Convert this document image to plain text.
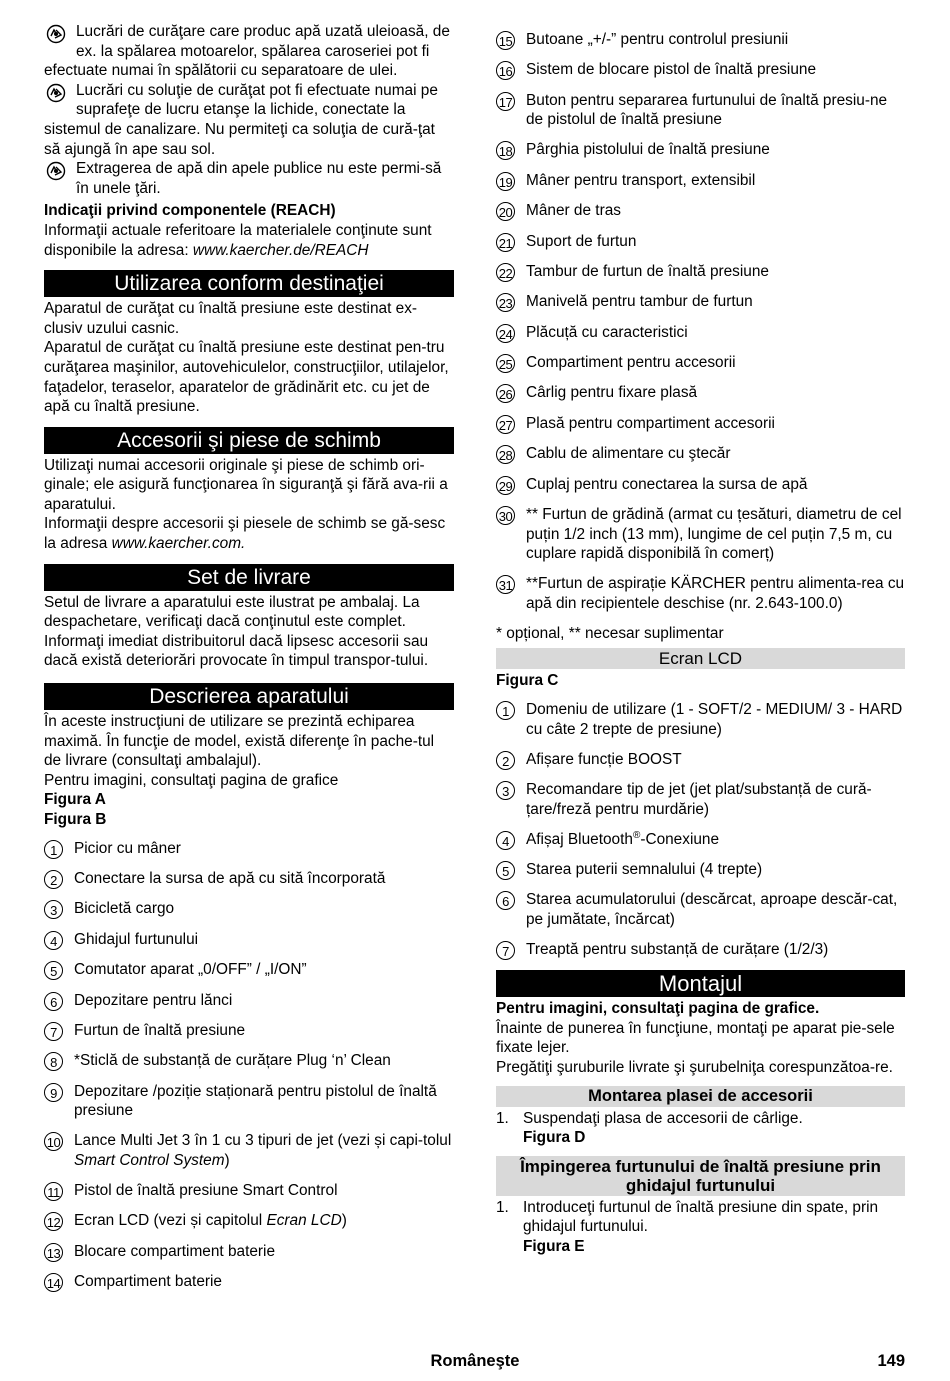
Lucrări de curăţare care produc apă uzată uleioasă, de ex. la spălarea motoarelor, spălarea caroseriei pot fi efectuate numai în spălătorii cu separatoare de ulei.

Lucrări cu soluţie de curăţat pot fi efectuate numai pe suprafeţe de lucru etanşe la lichide, conectate la sistemul de canalizare. Nu permiteţi ca soluţia de cură-ţat să ajungă în ape sau sol.

Extragerea de apă din apele publice nu este permi-să în unele ţări.

Indicaţii privind componentele (REACH)

Informaţii actuale referitoare la materialele conţinute sunt disponibile la adresa: www.kaercher.de/REACH

Utilizarea conform destinaţiei

Aparatul de curăţat cu înaltă presiune este destinat ex-clusiv uzului casnic.

Aparatul de curăţat cu înaltă presiune este destinat pen-tru curăţarea maşinilor, autovehiculelor, construcţiilor, utilajelor, faţadelor, teraselor, aparatelor de grădinărit etc. cu jet de apă cu înaltă presiune.

Accesorii şi piese de schimb

Utilizaţi numai accesorii originale şi piese de schimb ori-ginale; ele asigură funcţionarea în siguranţă şi fără ava-rii a aparatului.

Informaţii despre accesorii şi piesele de schimb se gă-sesc la adresa www.kaercher.com.

Set de livrare

Setul de livrare a aparatului este ilustrat pe ambalaj. La despachetare, verificaţi dacă conţinutul este complet. Informaţi imediat distribuitorul dacă lipsesc accesorii sau dacă există deteriorări provocate în timpul transpor-tului.

Descrierea aparatului

În aceste instrucţiuni de utilizare se prezintă echiparea maximă. În funcţie de model, există diferenţe în pache-tul de livrare (consultaţi ambalajul).

Pentru imagini, consultaţi pagina de grafice

Figura A

Figura B

1	Picior cu mâner
2	Conectare la sursa de apă cu sită încorporată
3	Bicicletă cargo
4	Ghidajul furtunului
5	Comutator aparat „0/OFF” / „I/ON”
6	Depozitare pentru lănci
7	Furtun de înaltă presiune
8	*Sticlă de substanță de curățare Plug ‘n’ Clean
9	Depozitare /poziție staționară pentru pistolul de înaltă presiune
10 Lance Multi Jet 3 în 1 cu 3 tipuri de jet (vezi și capi-tolul Smart Control System)
11 Pistol de înaltă presiune Smart Control
12 Ecran LCD (vezi și capitolul Ecran LCD)
13 Blocare compartiment baterie
14 Compartiment baterie
15 Butoane „+/-” pentru controlul presiunii
16 Sistem de blocare pistol de înaltă presiune
17 Buton pentru separarea furtunului de înaltă presiu-ne de pistolul de înaltă presiune
18 Pârghia pistolului de înaltă presiune
19 Mâner pentru transport, extensibil
20 Mâner de tras
21 Suport de furtun
22 Tambur de furtun de înaltă presiune
23 Manivelă pentru tambur de furtun
24 Plăcuță cu caracteristici
25 Compartiment pentru accesorii
26 Cârlig pentru fixare plasă
27 Plasă pentru compartiment accesorii
28 Cablu de alimentare cu ştecăr
29 Cuplaj pentru conectarea la sursa de apă
30 ** Furtun de grădină (armat cu țesături, diametru de cel puțin 1/2 inch (13 mm), lungime de cel puțin 7,5 m, cu cuplare rapidă disponibilă în comerț)
31 **Furtun de aspirație KÄRCHER pentru alimenta-rea cu apă din recipientele deschise (nr. 2.643-100.0)

* opțional, ** necesar suplimentar

Ecran LCD

Figura C

1	Domeniu de utilizare (1 - SOFT/2 - MEDIUM/ 3 - HARD cu câte 2 trepte de presiune)
2	Afișare funcție BOOST
3	Recomandare tip de jet (jet plat/substanță de cură-țare/freză pentru murdărie)
4	Afișaj Bluetooth®-Conexiune
5	Starea puterii semnalului (4 trepte)
6	Starea acumulatorului (descărcat, aproape descăr-cat, pe jumătate, încărcat)
7	Treaptă pentru substanță de curățare (1/2/3)
Montajul

Pentru imagini, consultaţi pagina de grafice.

Înainte de punerea în funcţiune, montaţi pe aparat pie-sele fixate lejer.

Pregătiţi şuruburile livrate şi şurubelniţa corespunzătoa-re.

Montarea plasei de accesorii
1. Suspendaţi plasa de accesorii de cârlige.
Figura D
Împingerea furtunului de înaltă presiune prin ghidajul furtunului
1. Introduceţi furtunul de înaltă presiune din spate, prin ghidajul furtunului.
Figura E
Româneşte	149
